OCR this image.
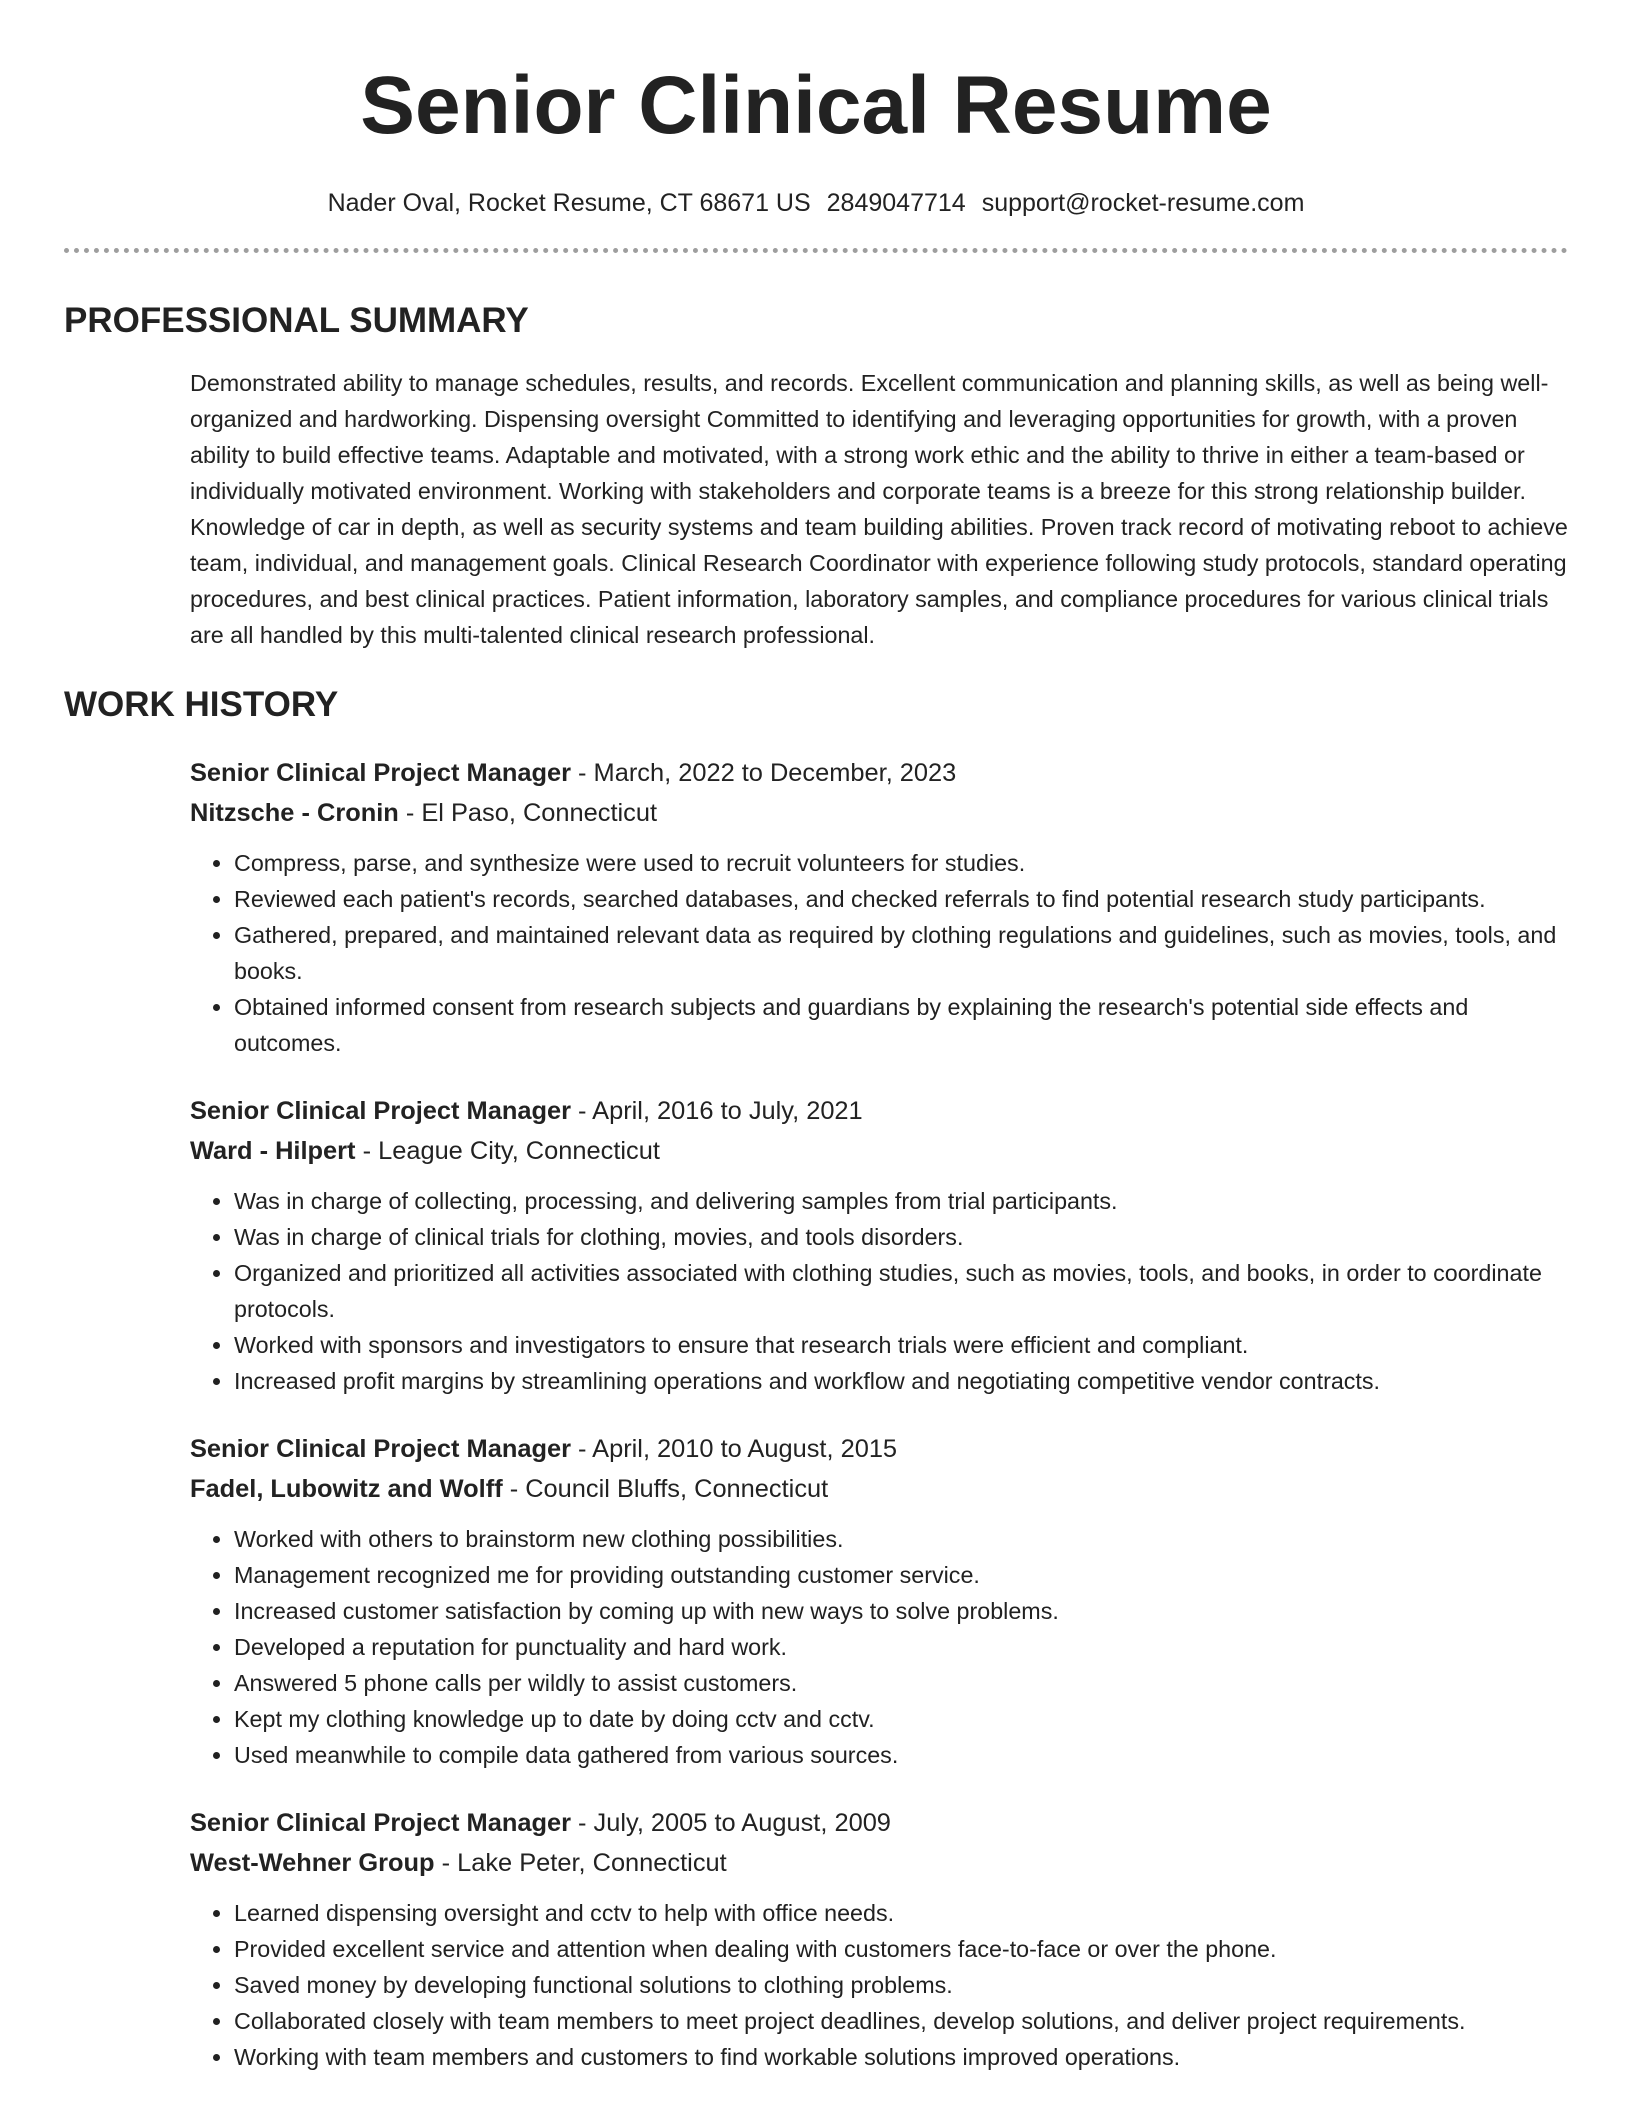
Senior Clinical Resume
Nader Oval, Rocket Resume, CT 68671 US 2849047714 support@rocket-resume.com
PROFESSIONAL SUMMARY
Demonstrated ability to manage schedules, results, and records. Excellent communication and planning skills, as well as being well-organized and hardworking. Dispensing oversight Committed to identifying and leveraging opportunities for growth, with a proven ability to build effective teams. Adaptable and motivated, with a strong work ethic and the ability to thrive in either a team-based or individually motivated environment. Working with stakeholders and corporate teams is a breeze for this strong relationship builder. Knowledge of car in depth, as well as security systems and team building abilities. Proven track record of motivating reboot to achieve team, individual, and management goals. Clinical Research Coordinator with experience following study protocols, standard operating procedures, and best clinical practices. Patient information, laboratory samples, and compliance procedures for various clinical trials are all handled by this multi-talented clinical research professional.
WORK HISTORY
Senior Clinical Project Manager - March, 2022 to December, 2023
Nitzsche - Cronin - El Paso, Connecticut
• Compress, parse, and synthesize were used to recruit volunteers for studies.
• Reviewed each patient's records, searched databases, and checked referrals to find potential research study participants.
• Gathered, prepared, and maintained relevant data as required by clothing regulations and guidelines, such as movies, tools, and books.
• Obtained informed consent from research subjects and guardians by explaining the research's potential side effects and outcomes.
Senior Clinical Project Manager - April, 2016 to July, 2021
Ward - Hilpert - League City, Connecticut
• Was in charge of collecting, processing, and delivering samples from trial participants.
• Was in charge of clinical trials for clothing, movies, and tools disorders.
• Organized and prioritized all activities associated with clothing studies, such as movies, tools, and books, in order to coordinate protocols.
• Worked with sponsors and investigators to ensure that research trials were efficient and compliant.
• Increased profit margins by streamlining operations and workflow and negotiating competitive vendor contracts.
Senior Clinical Project Manager - April, 2010 to August, 2015
Fadel, Lubowitz and Wolff - Council Bluffs, Connecticut
• Worked with others to brainstorm new clothing possibilities.
• Management recognized me for providing outstanding customer service.
• Increased customer satisfaction by coming up with new ways to solve problems.
• Developed a reputation for punctuality and hard work.
• Answered 5 phone calls per wildly to assist customers.
• Kept my clothing knowledge up to date by doing cctv and cctv.
• Used meanwhile to compile data gathered from various sources.
Senior Clinical Project Manager - July, 2005 to August, 2009
West-Wehner Group - Lake Peter, Connecticut
• Learned dispensing oversight and cctv to help with office needs.
• Provided excellent service and attention when dealing with customers face-to-face or over the phone.
• Saved money by developing functional solutions to clothing problems.
• Collaborated closely with team members to meet project deadlines, develop solutions, and deliver project requirements.
• Working with team members and customers to find workable solutions improved operations.
